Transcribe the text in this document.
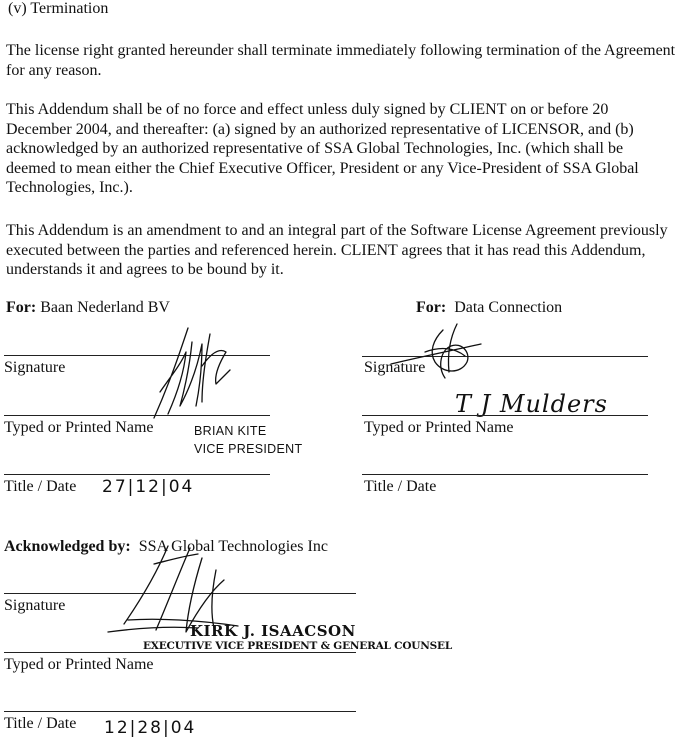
(v) Termination
The license right granted hereunder shall terminate immediately following termination of the Agreement for any reason.
This Addendum shall be of no force and effect unless duly signed by CLIENT on or before 20 December 2004, and thereafter: (a) signed by an authorized representative of LICENSOR, and (b) acknowledged by an authorized representative of SSA Global Technologies, Inc. (which shall be deemed to mean either the Chief Executive Officer, President or any Vice-President of SSA Global Technologies, Inc.).
This Addendum is an amendment to and an integral part of the Software License Agreement previously executed between the parties and referenced herein. CLIENT agrees that it has read this Addendum, understands it and agrees to be bound by it.
For: Baan Nederland BV
Signature
Typed or Printed Name	BRIAN KITE
VICE PRESIDENT
Title / Date 27|12|04
For: Data Connection
Signature
T J Mulders
Typed or Printed Name
Title / Date
Acknowledged by: SSA Global Technologies Inc
Signature
KIRK J. ISAACSON
EXECUTIVE VICE PRESIDENT & GENERAL COUNSEL
Typed or Printed Name
Title / Date 12|28|04
